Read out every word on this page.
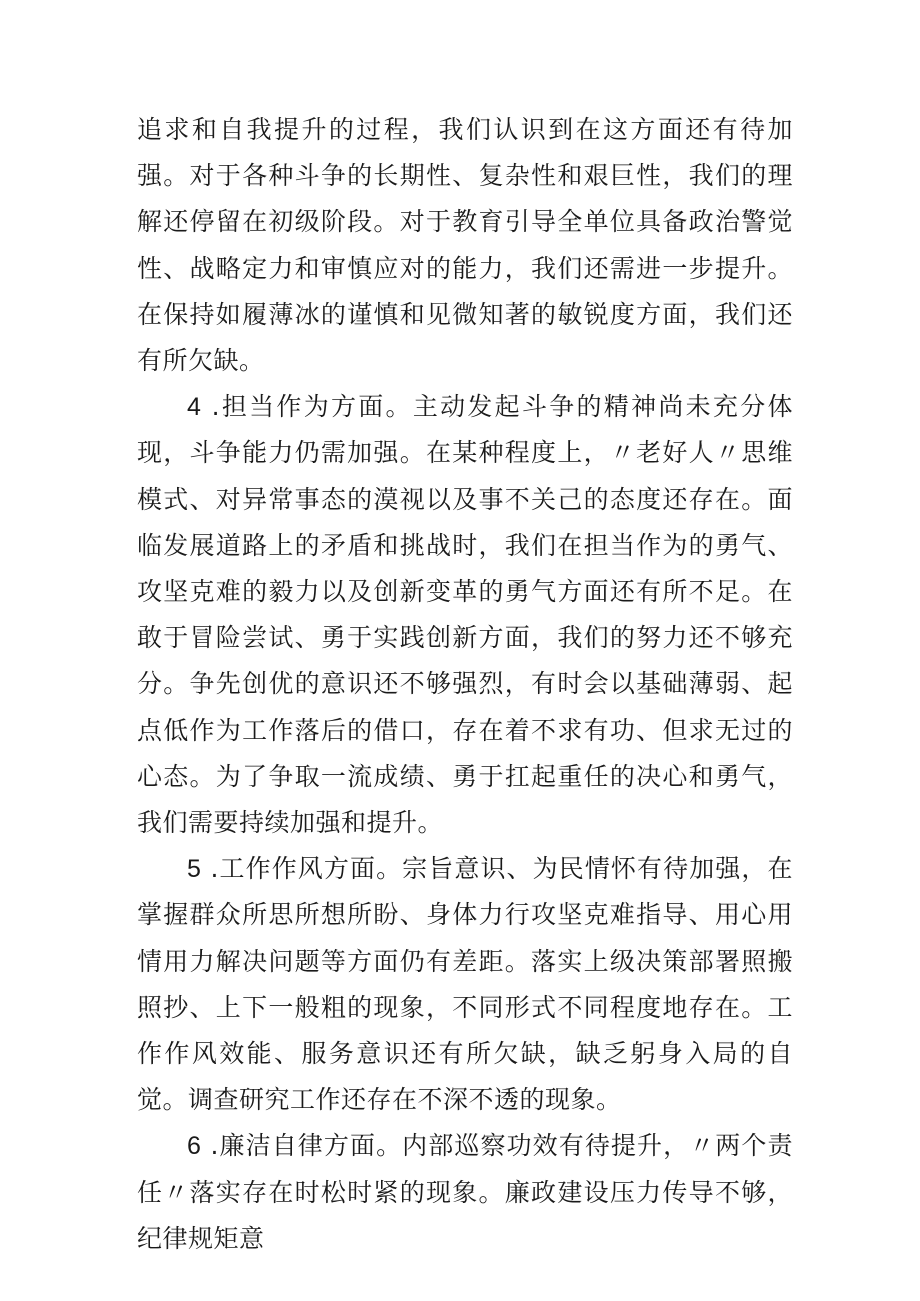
追求和自我提升的过程，我们认识到在这方面还有待加强。对于各种斗争的长期性、复杂性和艰巨性，我们的理解还停留在初级阶段。对于教育引导全单位具备政治警觉性、战略定力和审慎应对的能力，我们还需进一步提升。在保持如履薄冰的谨慎和见微知著的敏锐度方面，我们还有所欠缺。

4 .担当作为方面。主动发起斗争的精神尚未充分体现，斗争能力仍需加强。在某种程度上，〃老好人〃思维模式、对异常事态的漠视以及事不关己的态度还存在。面临发展道路上的矛盾和挑战时，我们在担当作为的勇气、攻坚克难的毅力以及创新变革的勇气方面还有所不足。在敢于冒险尝试、勇于实践创新方面，我们的努力还不够充分。争先创优的意识还不够强烈，有时会以基础薄弱、起点低作为工作落后的借口，存在着不求有功、但求无过的心态。为了争取一流成绩、勇于扛起重任的决心和勇气，我们需要持续加强和提升。

5 .工作作风方面。宗旨意识、为民情怀有待加强，在掌握群众所思所想所盼、身体力行攻坚克难指导、用心用情用力解决问题等方面仍有差距。落实上级决策部署照搬照抄、上下一般粗的现象，不同形式不同程度地存在。工作作风效能、服务意识还有所欠缺，缺乏躬身入局的自觉。调查研究工作还存在不深不透的现象。

6 .廉洁自律方面。内部巡察功效有待提升，〃两个责任〃落实存在时松时紧的现象。廉政建设压力传导不够，纪律规矩意
